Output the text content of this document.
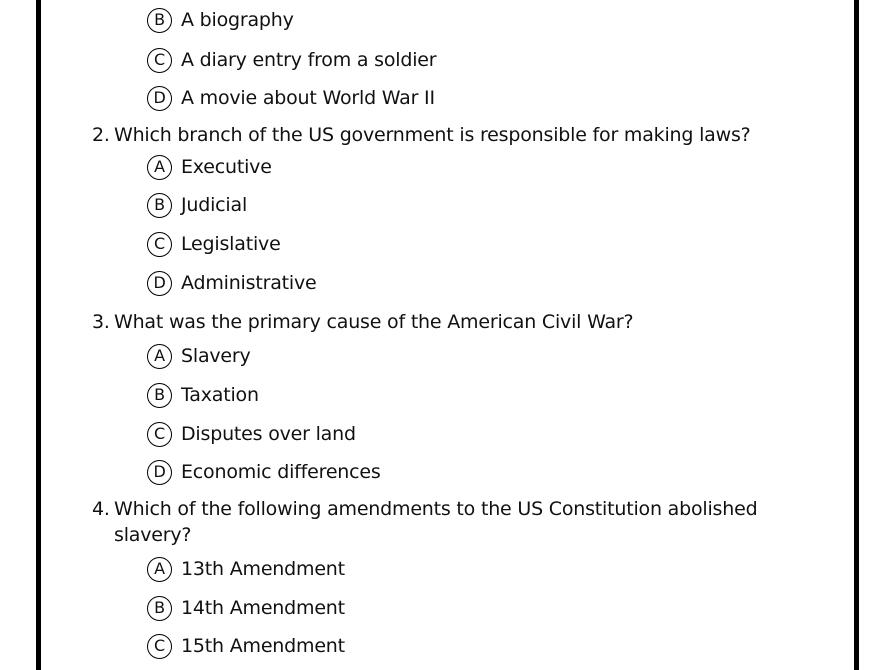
B A biography
C A diary entry from a soldier
D A movie about World War II
2. Which branch of the US government is responsible for making laws?
A Executive
B Judicial
C Legislative
D Administrative
3. What was the primary cause of the American Civil War?
A Slavery
B Taxation
C Disputes over land
D Economic differences
4. Which of the following amendments to the US Constitution abolished slavery?
A 13th Amendment
B 14th Amendment
C 15th Amendment
